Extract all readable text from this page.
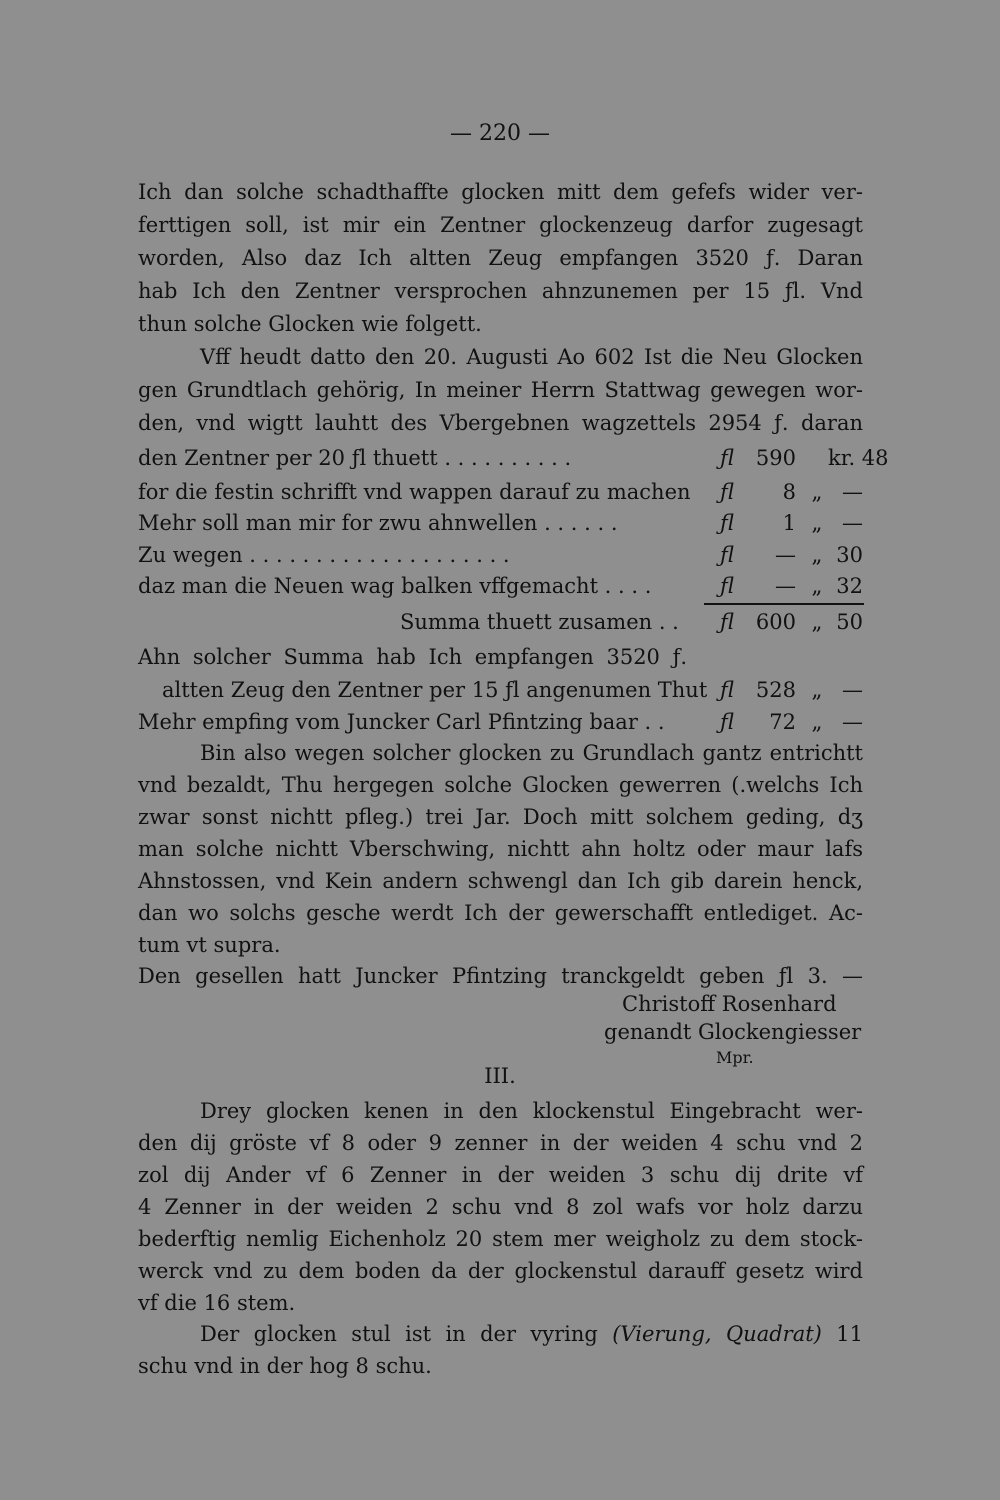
— 220 —
Ich dan solche schadthaffte glocken mitt dem gefefs wider ver-
ferttigen soll, ist mir ein Zentner glockenzeug darfor zugesagt
worden, Also daz Ich altten Zeug empfangen 3520 ƒ. Daran
hab Ich den Zentner versprochen ahnzunemen per 15 ƒl. Vnd
thun solche Glocken wie folgett.
Vff heudt datto den 20. Augusti Ao 602 Ist die Neu Glocken
gen Grundtlach gehörig, In meiner Herrn Stattwag gewegen wor-
den, vnd wigtt lauhtt des Vbergebnen wagzettels 2954 ƒ. daran
den Zentner per 20 ƒl thuett . . . . . . . . . .	ƒl	590 kr. 48
for die festin schrifft vnd wappen darauf zu machen ƒl	8 „ —
Mehr soll man mir for zwu ahnwellen . . . . . .	ƒl	1 „ —
Zu wegen . . . . . . . . . . . . . . . . . . . .	ƒl	— „ 30
daz man die Neuen wag balken vffgemacht . . . .	ƒl	— „ 32
Summa thuett zusamen . . ƒl	600 „ 50
Ahn solcher Summa hab Ich empfangen 3520 ƒ.
altten Zeug den Zentner per 15 ƒl angenumen Thut ƒl	528 „ —
Mehr empfing vom Juncker Carl Pfintzing baar . .	ƒl	72 „ —
Bin also wegen solcher glocken zu Grundlach gantz entrichtt
vnd bezaldt, Thu hergegen solche Glocken gewerren (.welchs Ich
zwar sonst nichtt pfleg.) trei Jar. Doch mitt solchem geding, dʒ
man solche nichtt Vberschwing, nichtt ahn holtz oder maur lafs
Ahnstossen, vnd Kein andern schwengl dan Ich gib darein henck,
dan wo solchs gesche werdt Ich der gewerschafft entlediget. Ac-
tum vt supra.
Den gesellen hatt Juncker Pfintzing tranckgeldt geben ƒl 3. —
Christoff Rosenhard
genandt Glockengiesser
Mpr.
III.
Drey glocken kenen in den klockenstul Eingebracht wer-
den dij gröste vf 8 oder 9 zenner in der weiden 4 schu vnd 2
zol dij Ander vf 6 Zenner in der weiden 3 schu dij drite vf
4 Zenner in der weiden 2 schu vnd 8 zol wafs vor holz darzu
bederftig nemlig Eichenholz 20 stem mer weigholz zu dem stock-
werck vnd zu dem boden da der glockenstul darauff gesetz wird
vf die 16 stem.
Der glocken stul ist in der vyring (Vierung, Quadrat) 11
schu vnd in der hog 8 schu.
